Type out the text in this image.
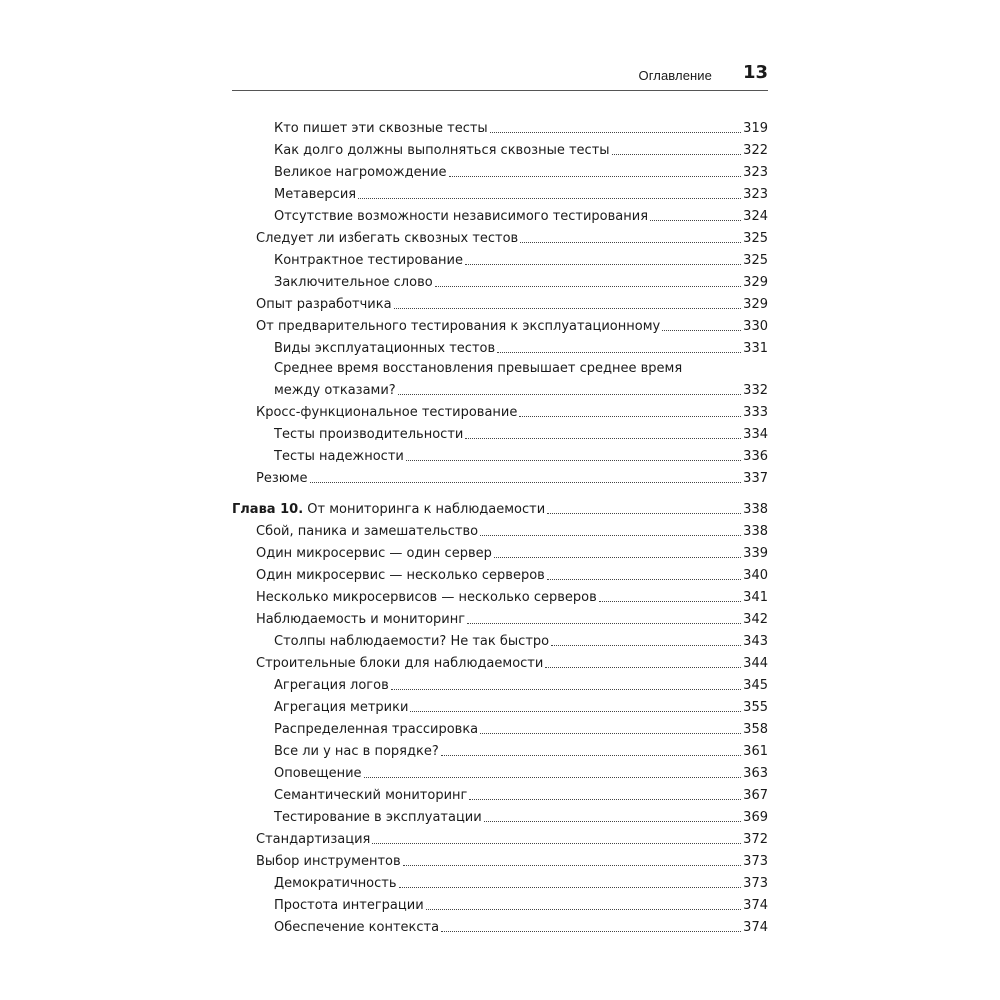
Оглавление 13
Кто пишет эти сквозные тесты	319
Как долго должны выполняться сквозные тесты	322
Великое нагромождение	323
Метаверсия	323
Отсутствие возможности независимого тестирования	324
Следует ли избегать сквозных тестов	325
Контрактное тестирование	325
Заключительное слово	329
Опыт разработчика	329
От предварительного тестирования к эксплуатационному	330
Виды эксплуатационных тестов	331
Среднее время восстановления превышает среднее время
между отказами?	332
Кросс-функциональное тестирование	333
Тесты производительности	334
Тесты надежности	336
Резюме	337
Глава 10. От мониторинга к наблюдаемости	338
Сбой, паника и замешательство	338
Один микросервис — один сервер	339
Один микросервис — несколько серверов	340
Несколько микросервисов — несколько серверов	341
Наблюдаемость и мониторинг	342
Столпы наблюдаемости? Не так быстро	343
Строительные блоки для наблюдаемости	344
Агрегация логов	345
Агрегация метрики	355
Распределенная трассировка	358
Все ли у нас в порядке?	361
Оповещение	363
Семантический мониторинг	367
Тестирование в эксплуатации	369
Стандартизация	372
Выбор инструментов	373
Демократичность	373
Простота интеграции	374
Обеспечение контекста	374
